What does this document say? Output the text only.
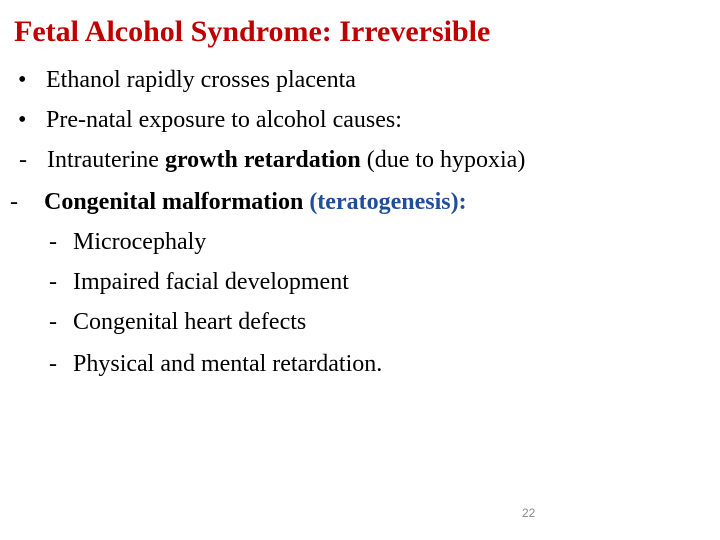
Fetal Alcohol Syndrome: Irreversible
• Ethanol rapidly crosses placenta
• Pre-natal exposure to alcohol causes:
- Intrauterine growth retardation (due to hypoxia)
- Congenital malformation (teratogenesis):
- Microcephaly
- Impaired facial development
- Congenital heart defects
- Physical and mental retardation.
22
